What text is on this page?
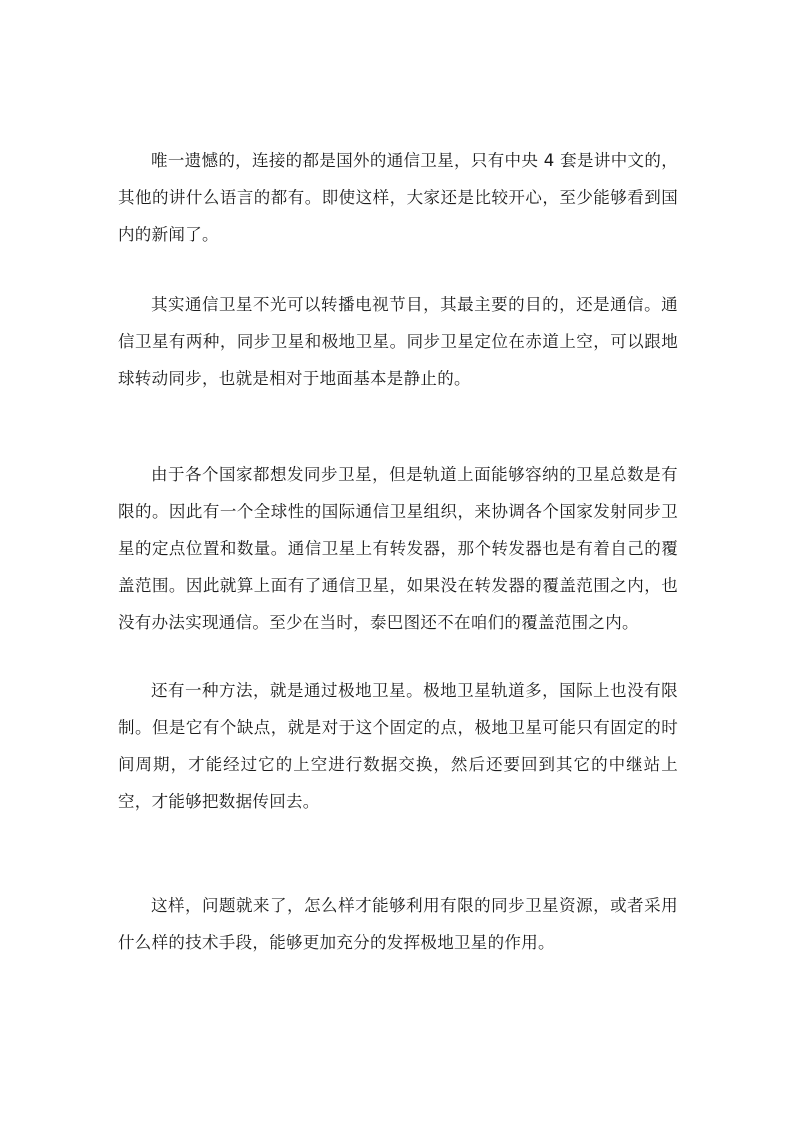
唯一遗憾的，连接的都是国外的通信卫星，只有中央 4 套是讲中文的，其他的讲什么语言的都有。即使这样，大家还是比较开心，至少能够看到国内的新闻了。

其实通信卫星不光可以转播电视节目，其最主要的目的，还是通信。通信卫星有两种，同步卫星和极地卫星。同步卫星定位在赤道上空，可以跟地球转动同步，也就是相对于地面基本是静止的。

由于各个国家都想发同步卫星，但是轨道上面能够容纳的卫星总数是有限的。因此有一个全球性的国际通信卫星组织，来协调各个国家发射同步卫星的定点位置和数量。通信卫星上有转发器，那个转发器也是有着自己的覆盖范围。因此就算上面有了通信卫星，如果没在转发器的覆盖范围之内，也没有办法实现通信。至少在当时，泰巴图还不在咱们的覆盖范围之内。

还有一种方法，就是通过极地卫星。极地卫星轨道多，国际上也没有限制。但是它有个缺点，就是对于这个固定的点，极地卫星可能只有固定的时间周期，才能经过它的上空进行数据交换，然后还要回到其它的中继站上空，才能够把数据传回去。

这样，问题就来了，怎么样才能够利用有限的同步卫星资源，或者采用什么样的技术手段，能够更加充分的发挥极地卫星的作用。
